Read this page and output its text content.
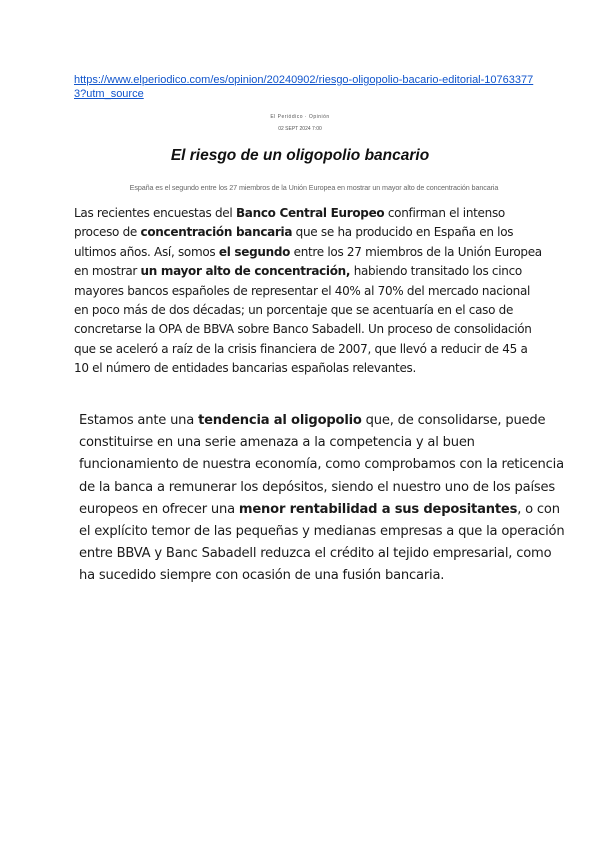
https://www.elperiodico.com/es/opinion/20240902/riesgo-oligopolio-bacario-editorial-107633773?utm_source
El Periódico · Opinión
02 SEPT 2024 7:00
El riesgo de un oligopolio bancario
España es el segundo entre los 27 miembros de la Unión Europea en mostrar un mayor alto de concentración bancaria

Las recientes encuestas del Banco Central Europeo confirman el intenso proceso de concentración bancaria que se ha producido en España en los ultimos años. Así, somos el segundo entre los 27 miembros de la Unión Europea en mostrar un mayor alto de concentración, habiendo transitado los cinco mayores bancos españoles de representar el 40% al 70% del mercado nacional en poco más de dos décadas; un porcentaje que se acentuaría en el caso de concretarse la OPA de BBVA sobre Banco Sabadell. Un proceso de consolidación que se aceleró a raíz de la crisis financiera de 2007, que llevó a reducir de 45 a 10 el número de entidades bancarias españolas relevantes.

Estamos ante una tendencia al oligopolio que, de consolidarse, puede constituirse en una serie amenaza a la competencia y al buen funcionamiento de nuestra economía, como comprobamos con la reticencia de la banca a remunerar los depósitos, siendo el nuestro uno de los países europeos en ofrecer una menor rentabilidad a sus depositantes, o con el explícito temor de las pequeñas y medianas empresas a que la operación entre BBVA y Banc Sabadell reduzca el crédito al tejido empresarial, como ha sucedido siempre con ocasión de una fusión bancaria.
